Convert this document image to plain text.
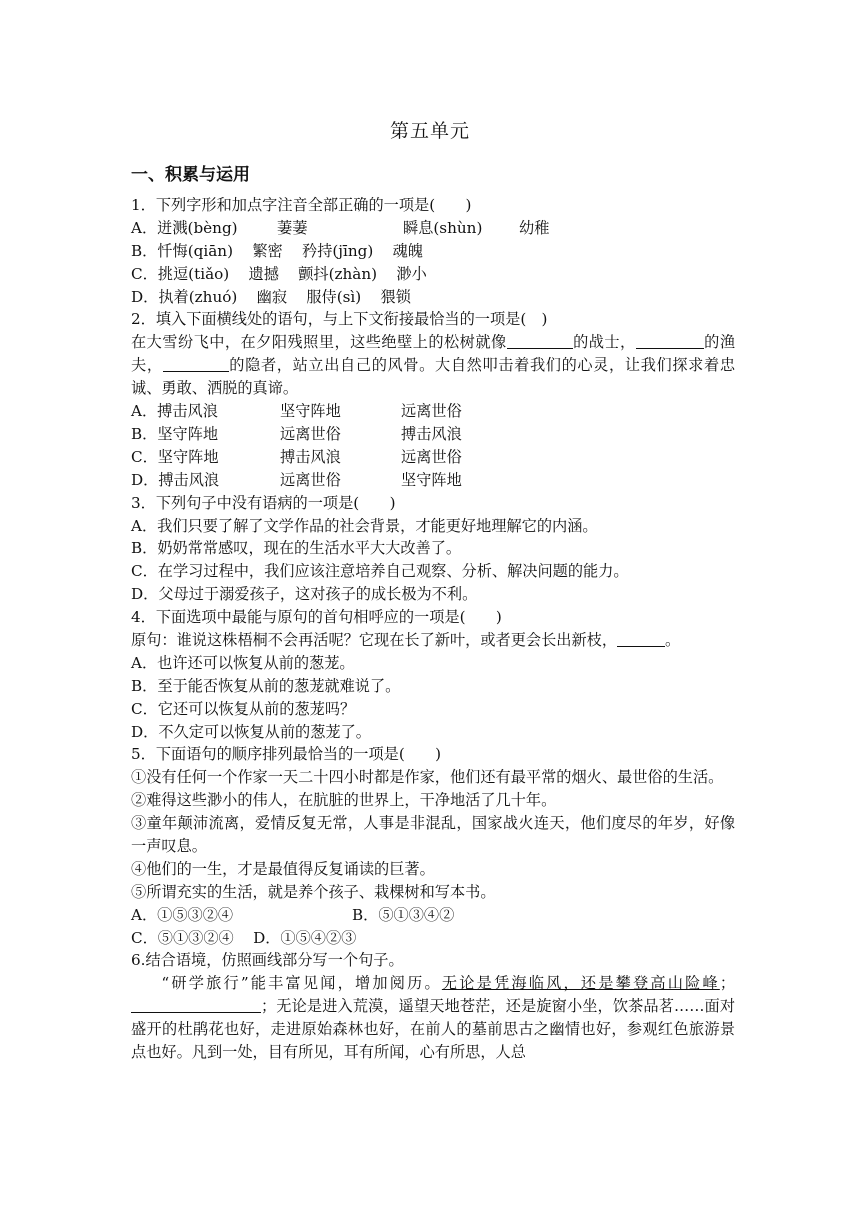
第五单元
一、积累与运用
1．下列字形和加点字注音全部正确的一项是(　　)
A．迸溅(bèng)	萋萋	瞬息(shùn) 幼稚
B．忏悔(qiān) 繁密 矜持(jīng) 魂魄
C．挑逗(tiǎo) 遗撼 颤抖(zhàn) 渺小
D．执着(zhuó) 幽寂 服侍(sì) 猥锁
2．填入下面横线处的语句，与上下文衔接最恰当的一项是(　)
在大雪纷飞中，在夕阳残照里，这些绝壁上的松树就像	的战士，	的渔夫，	的隐者，站立出自己的风骨。大自然叩击着我们的心灵，让我们探求着忠诚、勇敢、洒脱的真谛。
A．搏击风浪	坚守阵地	远离世俗
B．坚守阵地	远离世俗	搏击风浪
C．坚守阵地	搏击风浪	远离世俗
D．搏击风浪	远离世俗	坚守阵地
3．下列句子中没有语病的一项是(　　)
A．我们只要了解了文学作品的社会背景，才能更好地理解它的内涵。
B．奶奶常常感叹，现在的生活水平大大改善了。
C．在学习过程中，我们应该注意培养自己观察、分析、解决问题的能力。
D．父母过于溺爱孩子，这对孩子的成长极为不利。
4．下面选项中最能与原句的首句相呼应的一项是(　　)
原句：谁说这株梧桐不会再活呢？它现在长了新叶，或者更会长出新枝，	。
A．也许还可以恢复从前的葱茏。
B．至于能否恢复从前的葱茏就难说了。
C．它还可以恢复从前的葱茏吗？
D．不久定可以恢复从前的葱茏了。
5．下面语句的顺序排列最恰当的一项是(　　)
①没有任何一个作家一天二十四小时都是作家，他们还有最平常的烟火、最世俗的生活。
②难得这些渺小的伟人，在肮脏的世界上，干净地活了几十年。
③童年颠沛流离，爱情反复无常，人事是非混乱，国家战火连天，他们度尽的年岁，好像一声叹息。
④他们的一生，才是最值得反复诵读的巨著。
⑤所谓充实的生活，就是养个孩子、栽棵树和写本书。
A．①⑤③②④	B．⑤①③④②
C．⑤①③②④ D．①⑤④②③
6.结合语境，仿照画线部分写一个句子。
“研学旅行”能丰富见闻，增加阅历。无论是凭海临风，还是攀登高山险峰；；无论是进入荒漠，遥望天地苍茫，还是旋窗小坐，饮茶品茗……面对盛开的杜鹃花也好，走进原始森林也好，在前人的墓前思古之幽情也好，参观红色旅游景点也好。凡到一处，目有所见，耳有所闻，心有所思，人总
